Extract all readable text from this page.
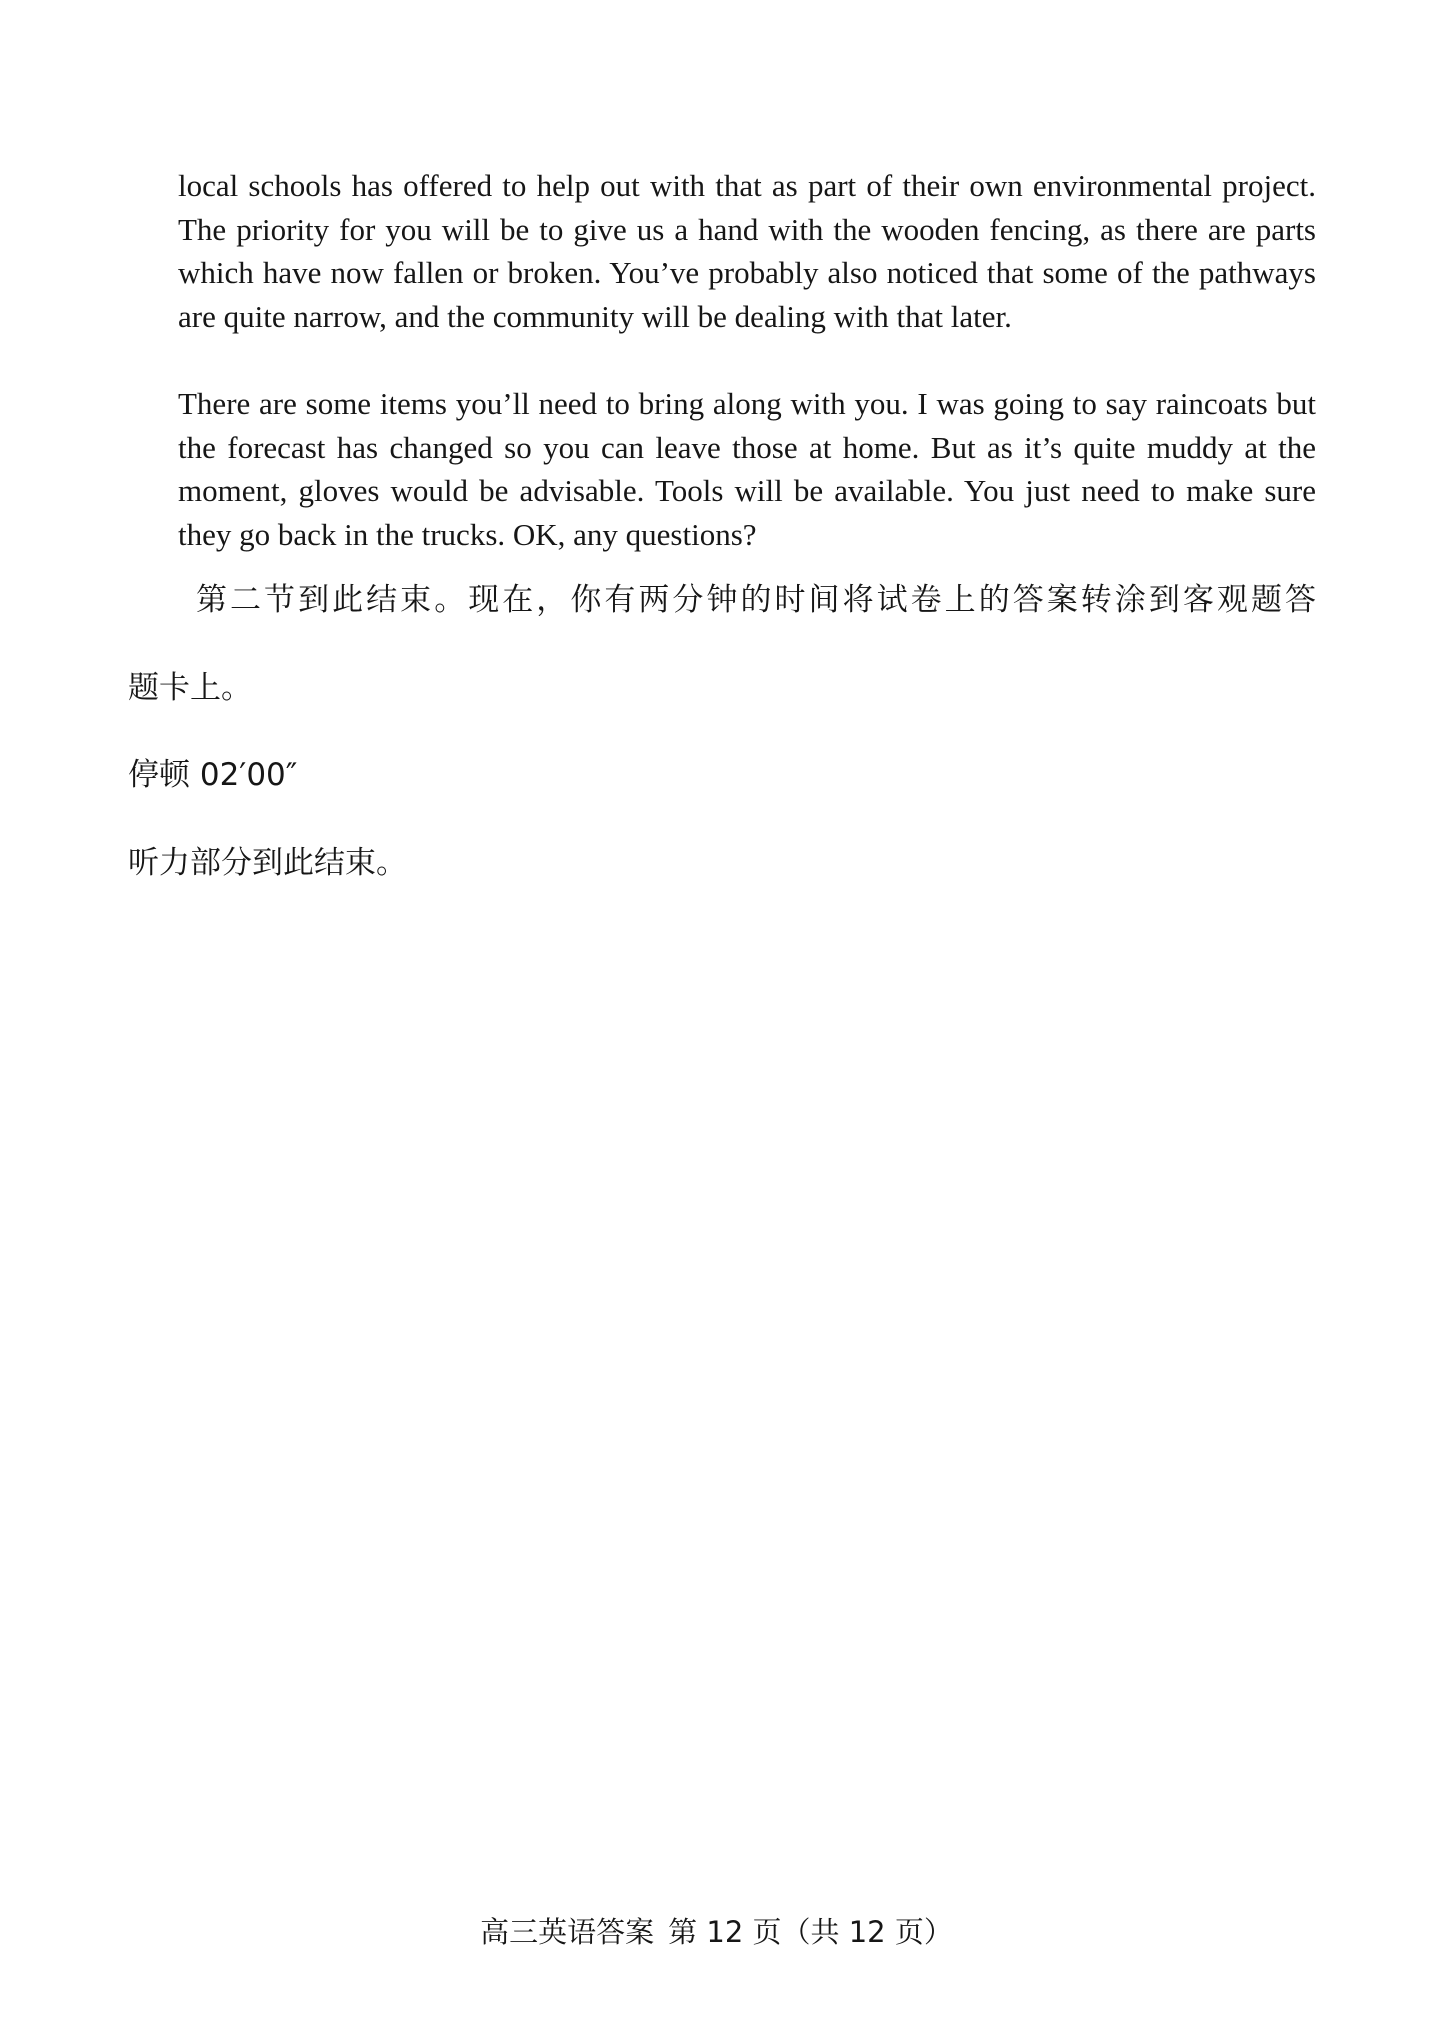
local schools has offered to help out with that as part of their own environmental project. The priority for you will be to give us a hand with the wooden fencing, as there are parts which have now fallen or broken. You’ve probably also noticed that some of the pathways are quite narrow, and the community will be dealing with that later.

There are some items you’ll need to bring along with you. I was going to say raincoats but the forecast has changed so you can leave those at home. But as it’s quite muddy at the moment, gloves would be advisable. Tools will be available. You just need to make sure they go back in the trucks. OK, any questions?

第二节到此结束。现在，你有两分钟的时间将试卷上的答案转涂到客观题答
题卡上。
停顿 02′00″
听力部分到此结束。
高三英语答案 第 12 页（共 12 页）
